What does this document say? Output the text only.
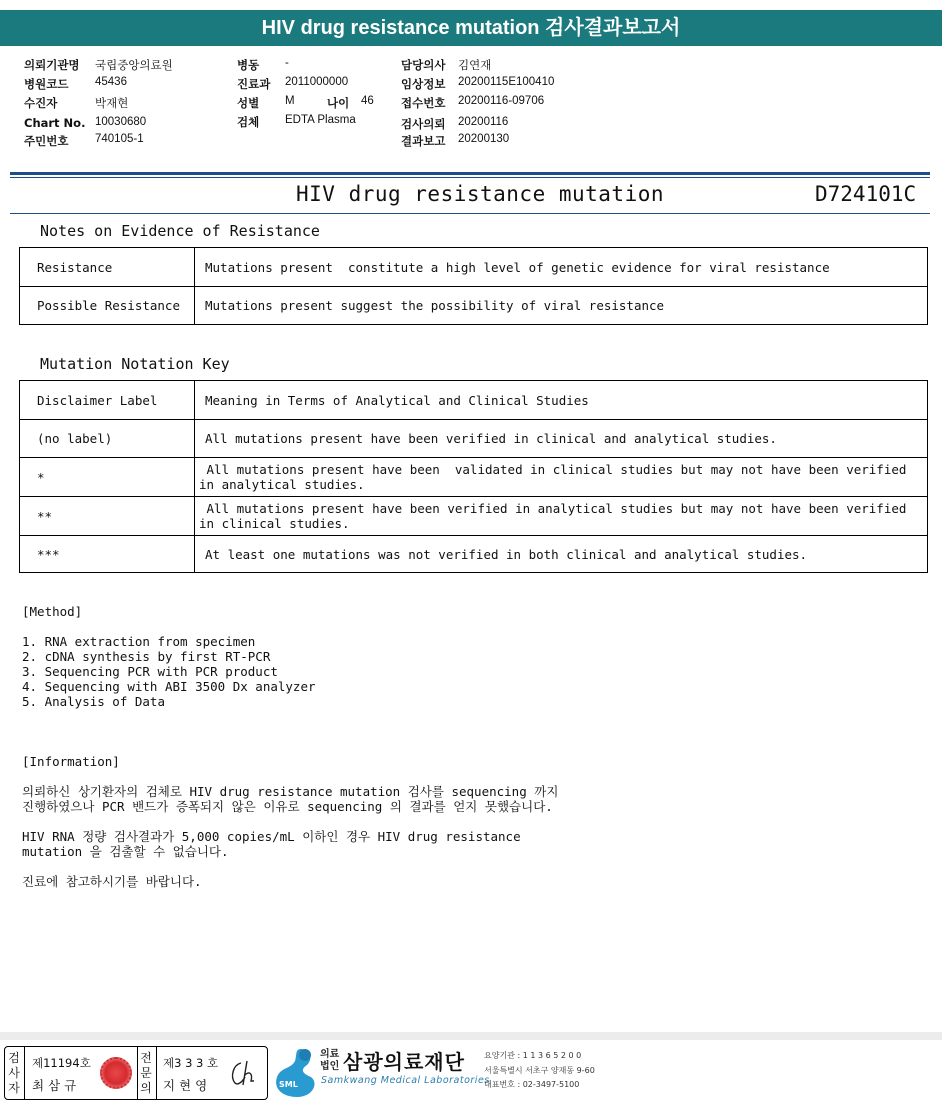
HIV drug resistance mutation 검사결과보고서
의뢰기관명 국립중앙의료원
병원코드 45436
수진자	박재현
Chart No. 10030680
주민번호 740105-1
병동 -
진료과 2011000000
성별 M	나이 46
검체 EDTA Plasma
담당의사 김연재
임상정보 20200115E100410
접수번호 20200116-09706
검사의뢰 20200116
결과보고 20200130
HIV drug resistance mutation	D724101C
Notes on Evidence of Resistance
Resistance	Mutations present  constitute a high level of genetic evidence for viral resistance
Possible Resistance	Mutations present suggest the possibility of viral resistance
Mutation Notation Key
Disclaimer Label	Meaning in Terms of Analytical and Clinical Studies
(no label)	All mutations present have been verified in clinical and analytical studies.
*	All mutations present have been  validated in clinical studies but may not have been verified
in analytical studies.
**	All mutations present have been verified in analytical studies but may not have been verified
in clinical studies.
***	At least one mutations was not verified in both clinical and analytical studies.
[Method]
1. RNA extraction from specimen
2. cDNA synthesis by first RT-PCR
3. Sequencing PCR with PCR product
4. Sequencing with ABI 3500 Dx analyzer
5. Analysis of Data
[Information]
의뢰하신 상기환자의 검체로 HIV drug resistance mutation 검사를 sequencing 까지
진행하였으나 PCR 밴드가 증폭되지 않은 이유로 sequencing 의 결과를 얻지 못했습니다.
HIV RNA 정량 검사결과가 5,000 copies/mL 이하인 경우 HIV drug resistance
mutation 을 검출할 수 없습니다.
진료에 참고하시기를 바랍니다.
검사자
제11194호
최 삼 규
전문의
제3 3 3 호
지 현 영	SML
의료
법인 삼광의료재단
Samkwang Medical Laboratories
요양기관 : 1 1 3 6 5 2 0 0
서울특별시 서초구 양재동 9-60
대표번호 : 02-3497-5100
